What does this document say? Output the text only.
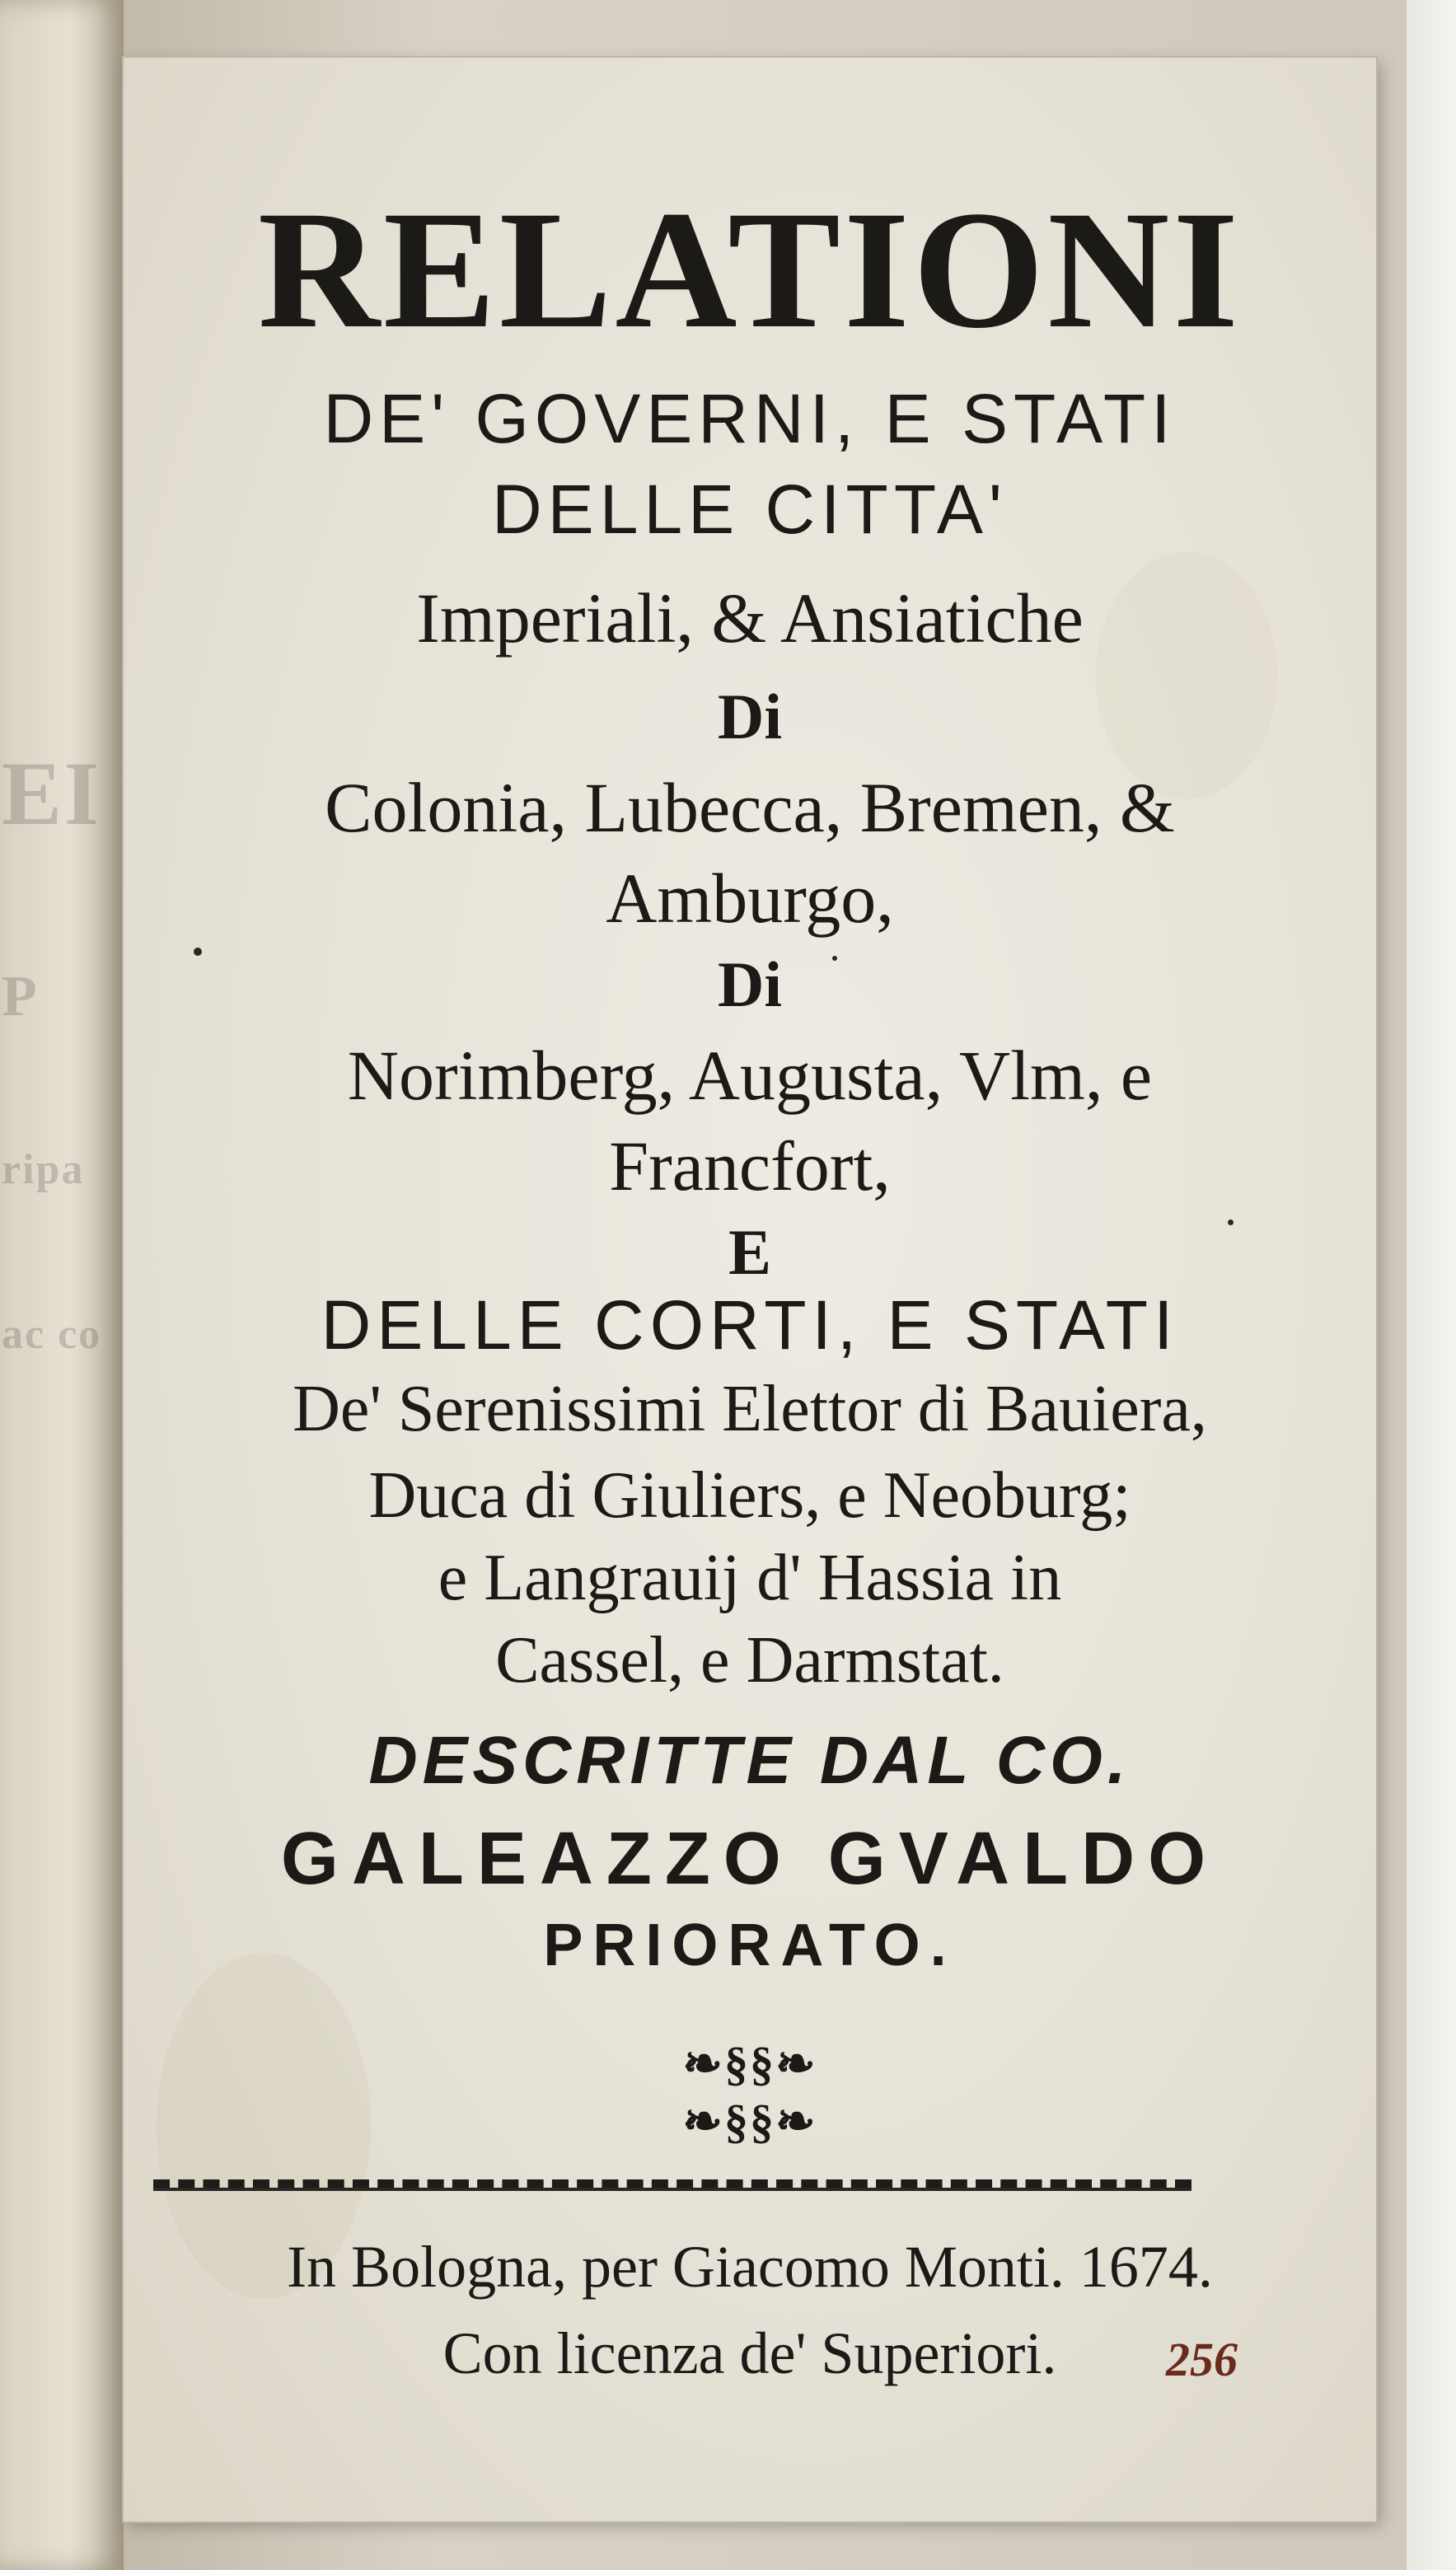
EI
P
ripa
ac co
RELATIONI
DE' GOVERNI, E STATI
DELLE CITTA'
Imperiali, & Ansiatiche
Di
Colonia, Lubecca, Bremen, &
Amburgo,
Di
Norimberg, Augusta, Vlm, e
Francfort,
E
DELLE CORTI, E STATI
De' Serenissimi Elettor di Bauiera,
Duca di Giuliers, e Neoburg;
e Langrauij d' Hassia in
Cassel, e Darmstat.
DESCRITTE DAL CO.
GALEAZZO GVALDO
PRIORATO.
❧§§❧
❧§§❧
In Bologna, per Giacomo Monti. 1674.
Con licenza de' Superiori.	256
